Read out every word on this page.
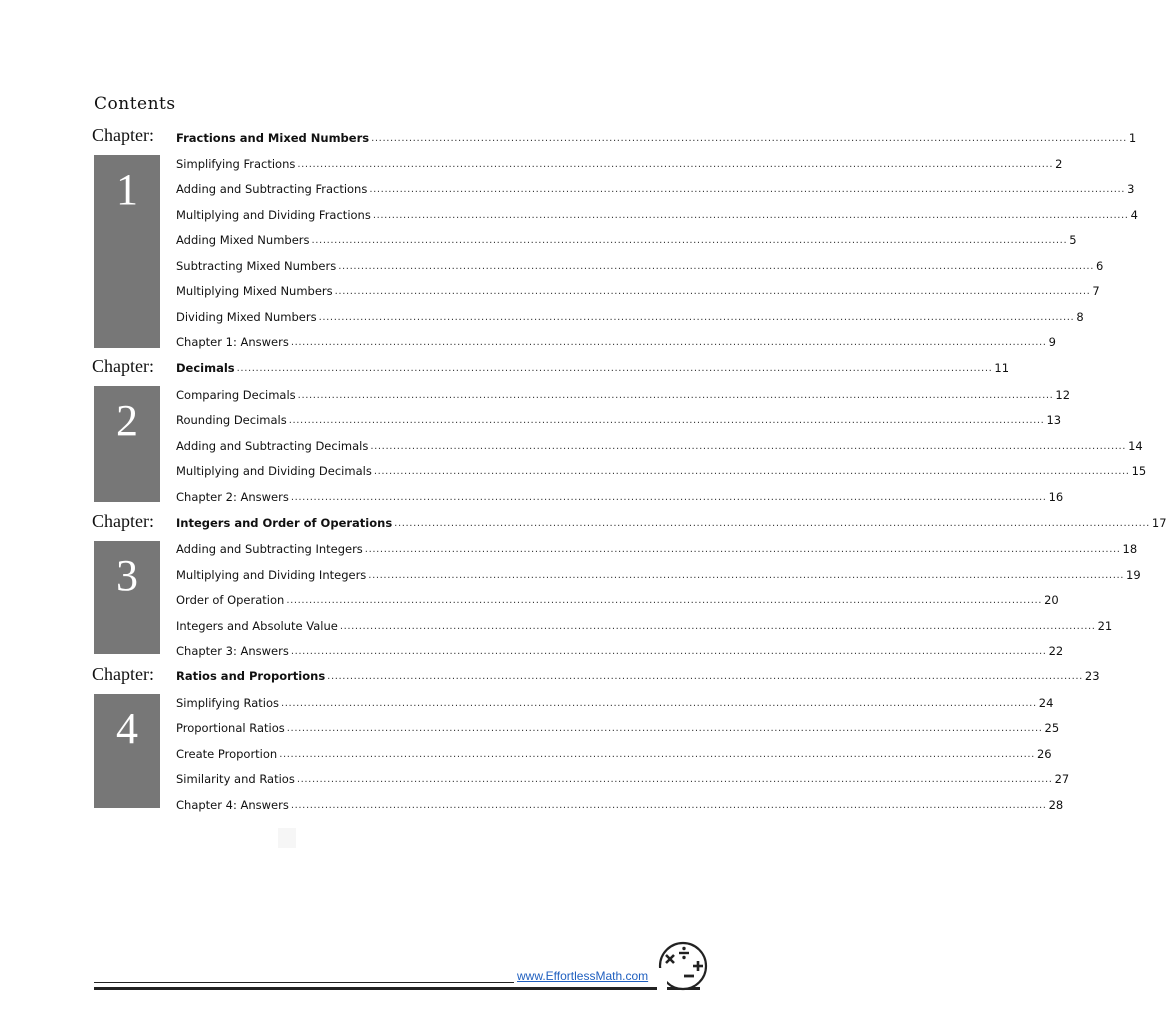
Contents
Chapter:
1
Fractions and Mixed Numbers ........................................................................................................................................................................................................ 1
Simplifying Fractions ........................................................................................................................................................................................................ 2
Adding and Subtracting Fractions ........................................................................................................................................................................................................ 3
Multiplying and Dividing Fractions ........................................................................................................................................................................................................ 4
Adding Mixed Numbers ........................................................................................................................................................................................................ 5
Subtracting Mixed Numbers ........................................................................................................................................................................................................ 6
Multiplying Mixed Numbers ........................................................................................................................................................................................................ 7
Dividing Mixed Numbers ........................................................................................................................................................................................................ 8
Chapter 1: Answers ........................................................................................................................................................................................................ 9
Chapter:
2
Decimals ........................................................................................................................................................................................................ 11
Comparing Decimals ........................................................................................................................................................................................................ 12
Rounding Decimals ........................................................................................................................................................................................................ 13
Adding and Subtracting Decimals ........................................................................................................................................................................................................ 14
Multiplying and Dividing Decimals ........................................................................................................................................................................................................ 15
Chapter 2: Answers ........................................................................................................................................................................................................ 16
Chapter:
3
Integers and Order of Operations ........................................................................................................................................................................................................ 17
Adding and Subtracting Integers ........................................................................................................................................................................................................ 18
Multiplying and Dividing Integers ........................................................................................................................................................................................................ 19
Order of Operation ........................................................................................................................................................................................................ 20
Integers and Absolute Value ........................................................................................................................................................................................................ 21
Chapter 3: Answers ........................................................................................................................................................................................................ 22
Chapter:
4
Ratios and Proportions ........................................................................................................................................................................................................ 23
Simplifying Ratios ........................................................................................................................................................................................................ 24
Proportional Ratios ........................................................................................................................................................................................................ 25
Create Proportion ........................................................................................................................................................................................................ 26
Similarity and Ratios ........................................................................................................................................................................................................ 27
Chapter 4: Answers ........................................................................................................................................................................................................ 28
www.EffortlessMath.com
